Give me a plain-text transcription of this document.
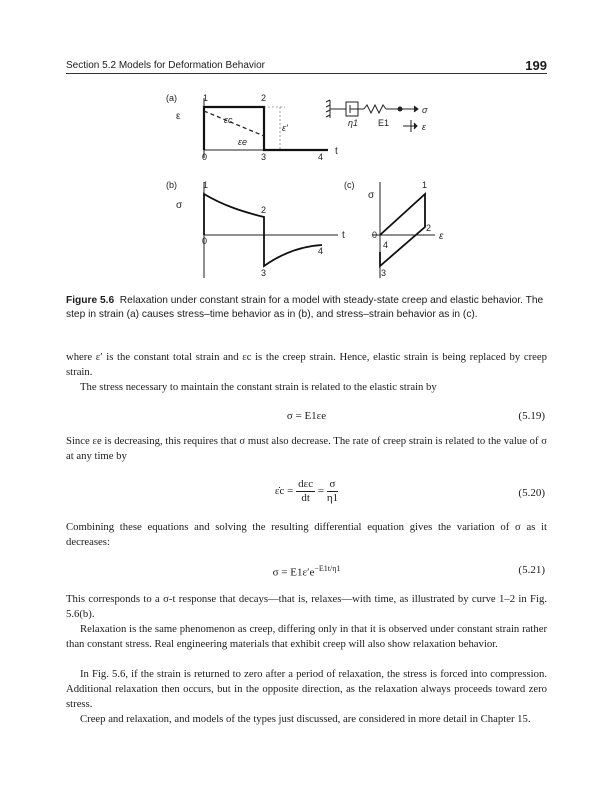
Section 5.2 Models for Deformation Behavior	199
(a)
ε
t
1	2
0	3	4
εc
εe
ε′
σ
η1 E1	ε
(b)
σ
t
1
2
0
4
3
(c)
σ
ε
1
0
2
4
3
Figure 5.6 Relaxation under constant strain for a model with steady-state creep and elastic behavior. The step in strain (a) causes stress–time behavior as in (b), and stress–strain behavior as in (c).
where ε′ is the constant total strain and εc is the creep strain. Hence, elastic strain is being replaced by creep strain.
The stress necessary to maintain the constant strain is related to the elastic strain by
σ = E1εe	(5.19)
Since εe is decreasing, this requires that σ must also decrease. The rate of creep strain is related to the value of σ at any time by
ε̇c = $\frac{\text{dεc}}{dt} = \frac{\sigma}{\eta 1}$	(5.20)
Combining these equations and solving the resulting differential equation gives the variation of σ as it decreases:
$\sigma = E1\varepsilon'e^{-E1t/\eta 1}$	(5.21)
This corresponds to a σ-t response that decays—that is, relaxes—with time, as illustrated by curve 1–2 in Fig. 5.6(b).
Relaxation is the same phenomenon as creep, differing only in that it is observed under constant strain rather than constant stress. Real engineering materials that exhibit creep will also show relaxation behavior.
In Fig. 5.6, if the strain is returned to zero after a period of relaxation, the stress is forced into compression. Additional relaxation then occurs, but in the opposite direction, as the relaxation always proceeds toward zero stress.
Creep and relaxation, and models of the types just discussed, are considered in more detail in Chapter 15.
